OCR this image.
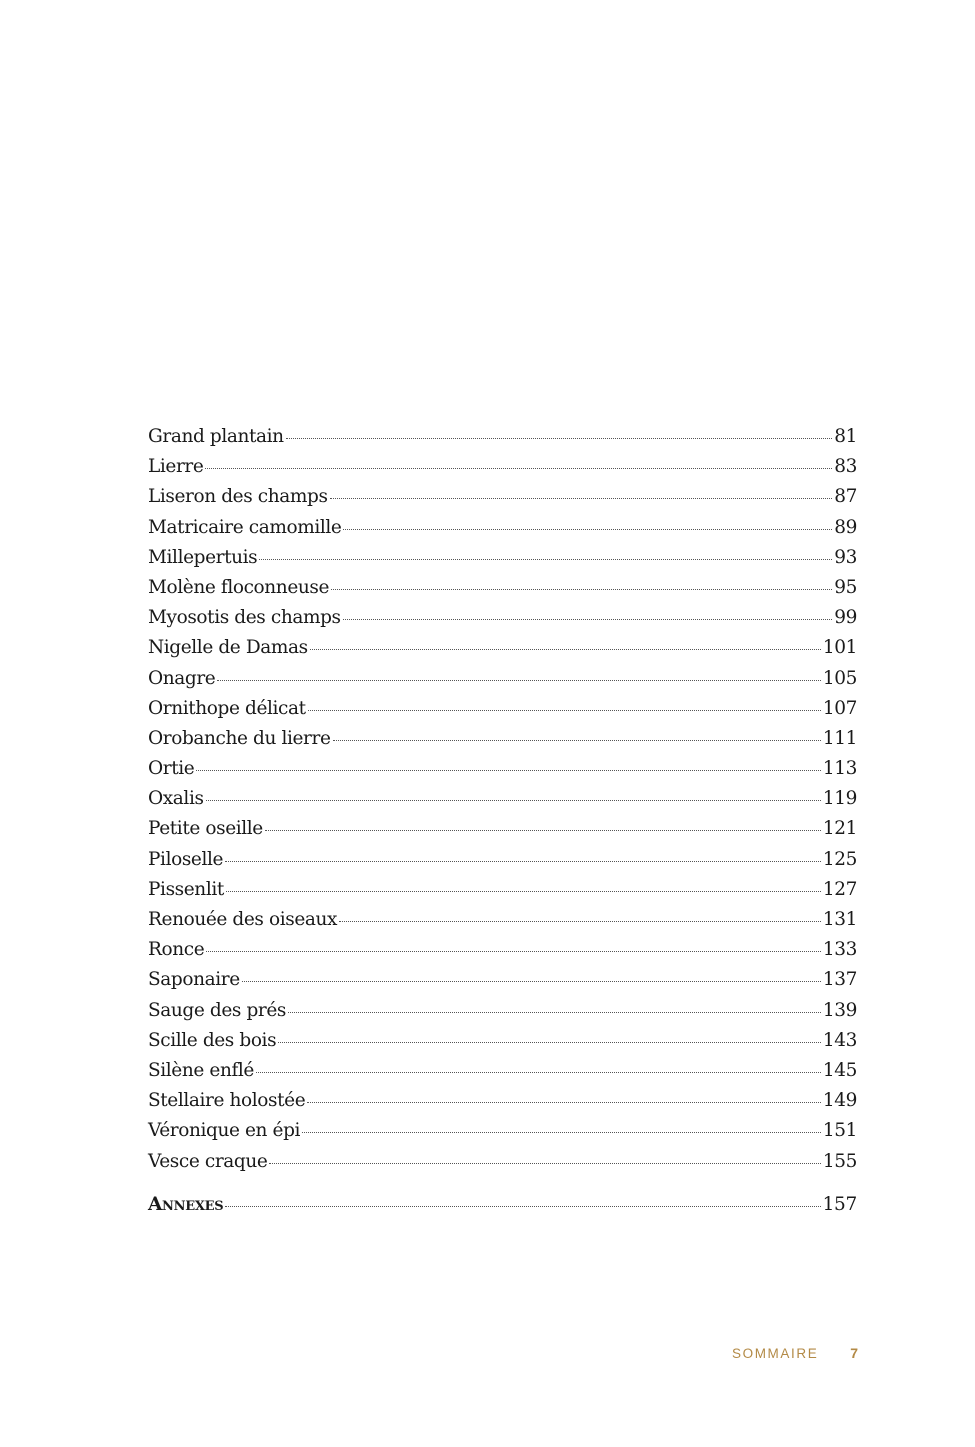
Grand plantain	81
Lierre	83
Liseron des champs	87
Matricaire camomille	89
Millepertuis	93
Molène floconneuse	95
Myosotis des champs	99
Nigelle de Damas	101
Onagre	105
Ornithope délicat	107
Orobanche du lierre	111
Ortie	113
Oxalis	119
Petite oseille	121
Piloselle	125
Pissenlit	127
Renouée des oiseaux	131
Ronce	133
Saponaire	137
Sauge des prés	139
Scille des bois	143
Silène enflé	145
Stellaire holostée	149
Véronique en épi	151
Vesce craque	155
Annexes	157
SOMMAIRE 7
